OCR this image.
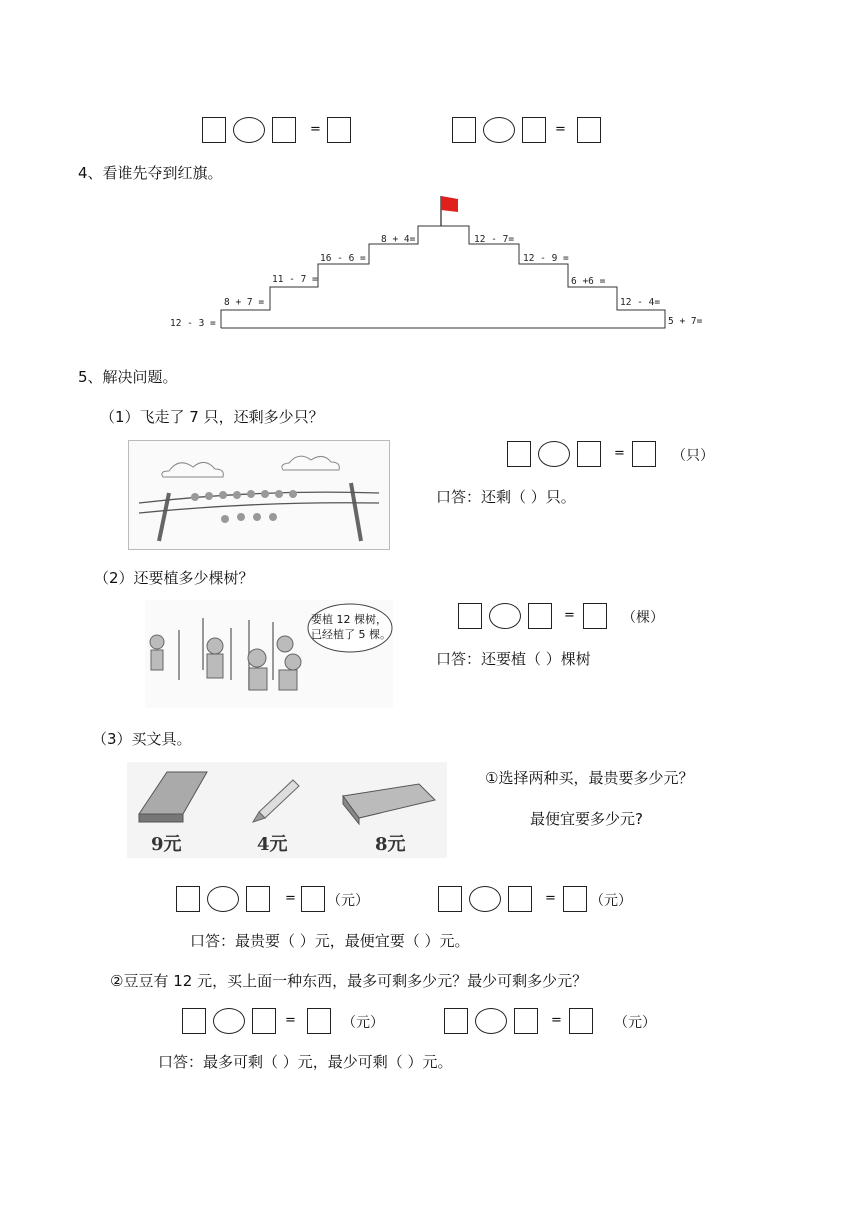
=	=
4、看谁先夺到红旗。
12 - 3 =
8 + 7 =
11 - 7 =
16 - 6 =
8 + 4=	12 - 7=
12 - 9 =
6 +6 =
12 - 4=
5 + 7=
5、解决问题。
（1）飞走了 7 只，还剩多少只？
=	（只）
口答：还剩（ ）只。
（2）还要植多少棵树？
要植 12 棵树，已经植了 5 棵。
=	（棵）
口答：还要植（ ）棵树
（3）买文具。
9元	4元	8元
①选择两种买，最贵要多少元？
最便宜要多少元?
= （元）	= （元）
口答：最贵要（ ）元，最便宜要（ ）元。
②豆豆有 12 元，买上面一种东西，最多可剩多少元？最少可剩多少元？
=	（元）	=	（元）
口答：最多可剩（ ）元，最少可剩（ ）元。
